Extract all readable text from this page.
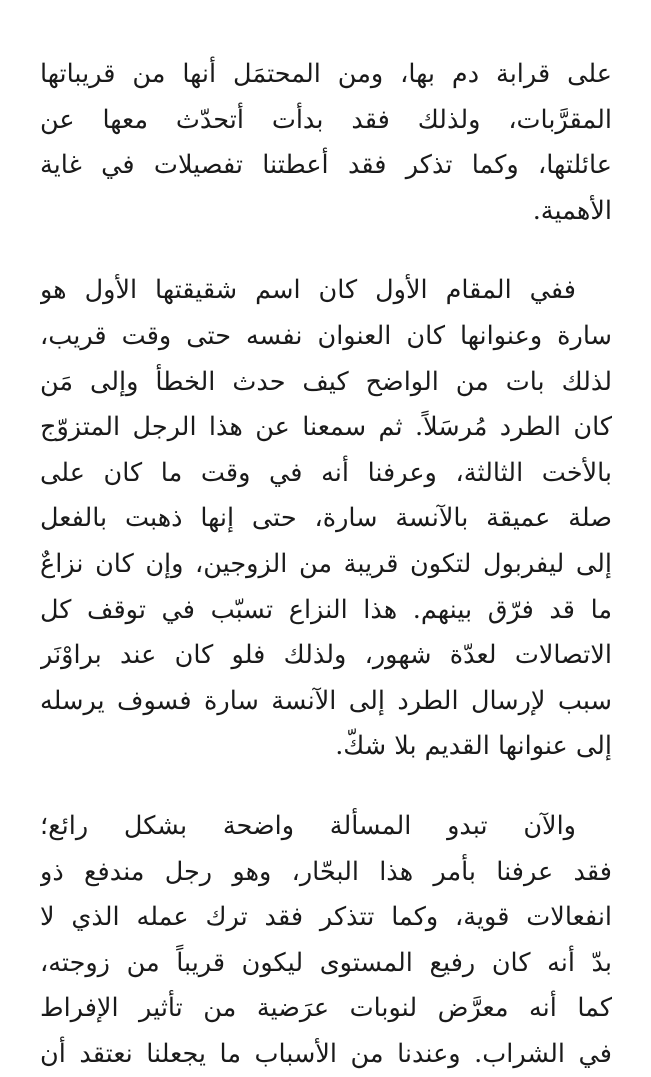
على قرابة دم بها، ومن المحتمَل أنها من قريباتها
المقرَّبات، ولذلك فقد بدأت أتحدّث معها عن
عائلتها، وكما تذكر فقد أعطتنا تفصيلات في غاية
الأهمية.
ففي المقام الأول كان اسم شقيقتها الأول هو
سارة وعنوانها كان العنوان نفسه حتى وقت قريب،
لذلك بات من الواضح كيف حدث الخطأ وإلى مَن
كان الطرد مُرسَلاً. ثم سمعنا عن هذا الرجل المتزوّج
بالأخت الثالثة، وعرفنا أنه في وقت ما كان على
صلة عميقة بالآنسة سارة، حتى إنها ذهبت بالفعل
إلى ليفربول لتكون قريبة من الزوجين، وإن كان نزاعٌ
ما قد فرّق بينهم. هذا النزاع تسبّب في توقف كل
الاتصالات لعدّة شهور، ولذلك فلو كان عند براوْنَر
سبب لإرسال الطرد إلى الآنسة سارة فسوف يرسله
إلى عنوانها القديم بلا شكّ.
والآن تبدو المسألة واضحة بشكل رائع؛
فقد عرفنا بأمر هذا البحّار، وهو رجل مندفع ذو
انفعالات قوية، وكما تتذكر فقد ترك عمله الذي لا
بدّ أنه كان رفيع المستوى ليكون قريباً من زوجته،
كما أنه معرَّض لنوبات عرَضية من تأثير الإفراط
في الشراب. وعندنا من الأسباب ما يجعلنا نعتقد أن
